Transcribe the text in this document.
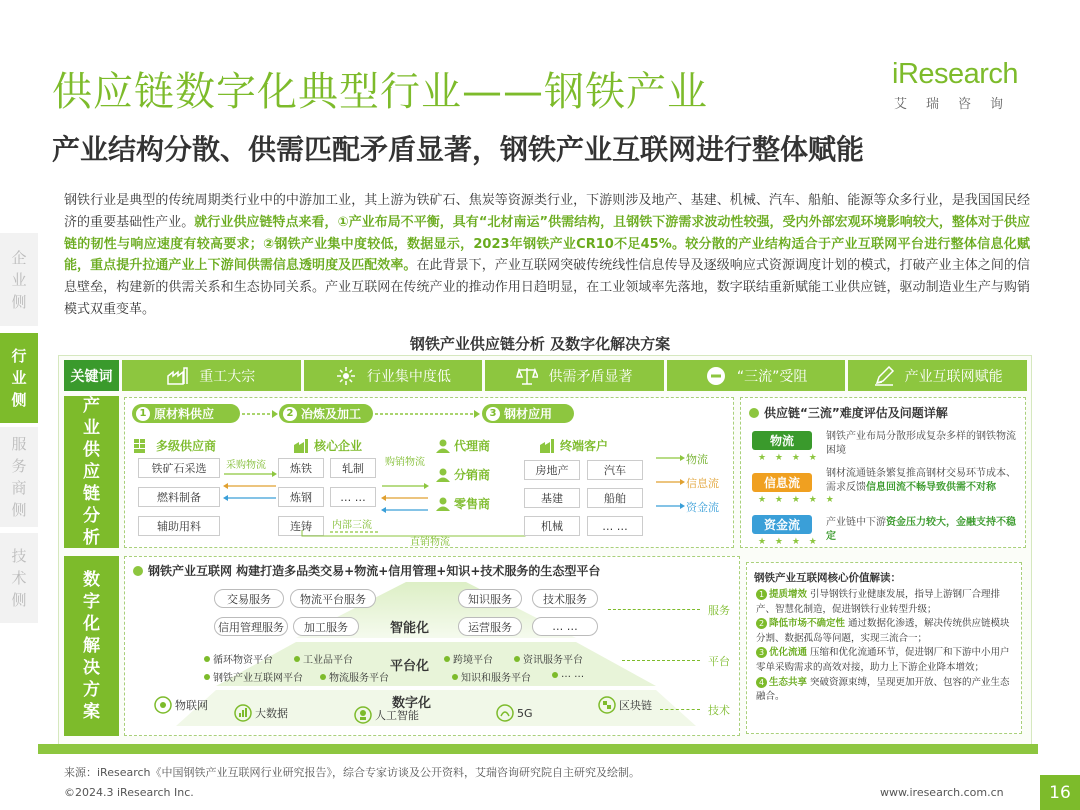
供应链数字化典型行业——钢铁产业	iResearch
艾瑞咨询
产业结构分散、供需匹配矛盾显著，钢铁产业互联网进行整体赋能
企
业
侧
行
业
侧
服
务
商
侧
技
术
侧

钢铁行业是典型的传统周期类行业中的中游加工业，其上游为铁矿石、焦炭等资源类行业，下游则涉及地产、基建、机械、汽车、船舶、能源等众多行业，是我国国民经济的重要基础性产业。就行业供应链特点来看，①产业布局不平衡，具有“北材南运”供需结构，且钢铁下游需求波动性较强，受内外部宏观环境影响较大，整体对于供应链的韧性与响应速度有较高要求；②钢铁产业集中度较低，数据显示，2023年钢铁产业CR10不足45%。较分散的产业结构适合于产业互联网平台进行整体信息化赋能，重点提升拉通产业上下游间供需信息透明度及匹配效率。在此背景下，产业互联网突破传统线性信息传导及逐级响应式资源调度计划的模式，打破产业主体之间的信息壁垒，构建新的供需关系和生态协同关系。产业互联网在传统产业的推动作用日趋明显，在工业领域率先落地，数字联结重新赋能工业供应链，驱动制造业生产与购销模式双重变革。

钢铁产业供应链分析 及数字化解决方案
关键词	重工大宗	行业集中度低	供需矛盾显著	“三流”受阻	产业互联网赋能
产
业
供
应
链
分
析
1 原材料供应	2 冶炼及加工	3 钢材应用
多级供应商
铁矿石采选
燃料制备
辅助用料
采购物流
核心企业
炼铁	轧制
炼钢	… …
连铸	内部三流
购销物流
代理商
分销商
零售商
直销物流
终端客户
房地产	汽车
基建	船舶
机械	… …
物流
信息流
资金流
供应链“三流”难度评估及问题详解
物流
★ ★ ★ ★
钢铁产业布局分散形成复杂多样的钢铁物流困境
信息流
★ ★ ★ ★ ★
钢材流通链条繁复推高钢材交易环节成本、需求反馈信息回流不畅导致供需不对称
资金流
★ ★ ★ ★
产业链中下游资金压力较大，金融支持不稳定
数
字
化
解
决
方
案
钢铁产业互联网 构建打造多品类交易+物流+信用管理+知识+技术服务的生态型平台
交易服务	物流平台服务
信用管理服务	加工服务	智能化
知识服务	技术服务
运营服务	… …
循环物资平台	工业品平台
钢铁产业互联网平台	物流服务平台
平台化 跨境平台	资讯服务平台
知识和服务平台	… …
物联网
大数据
数字化
人工智能	5G
区块链
服务
平台
技术
钢铁产业互联网核心价值解读：
1 提质增效 引导钢铁行业健康发展，指导上游钢厂合理排产、智慧化制造，促进钢铁行业转型升级；
2 降低市场不确定性 通过数据化渗透，解决传统供应链模块分割、数据孤岛等问题，实现三流合一；
3 优化流通 压缩和优化流通环节，促进钢厂和下游中小用户零单采购需求的高效对接，助力上下游企业降本增效；
4 生态共享 突破资源束缚，呈现更加开放、包容的产业生态融合。
来源：iResearch《中国钢铁产业互联网行业研究报告》，综合专家访谈及公开资料，艾瑞咨询研究院自主研究及绘制。
©2024.3 iResearch Inc.	www.iresearch.com.cn	16
